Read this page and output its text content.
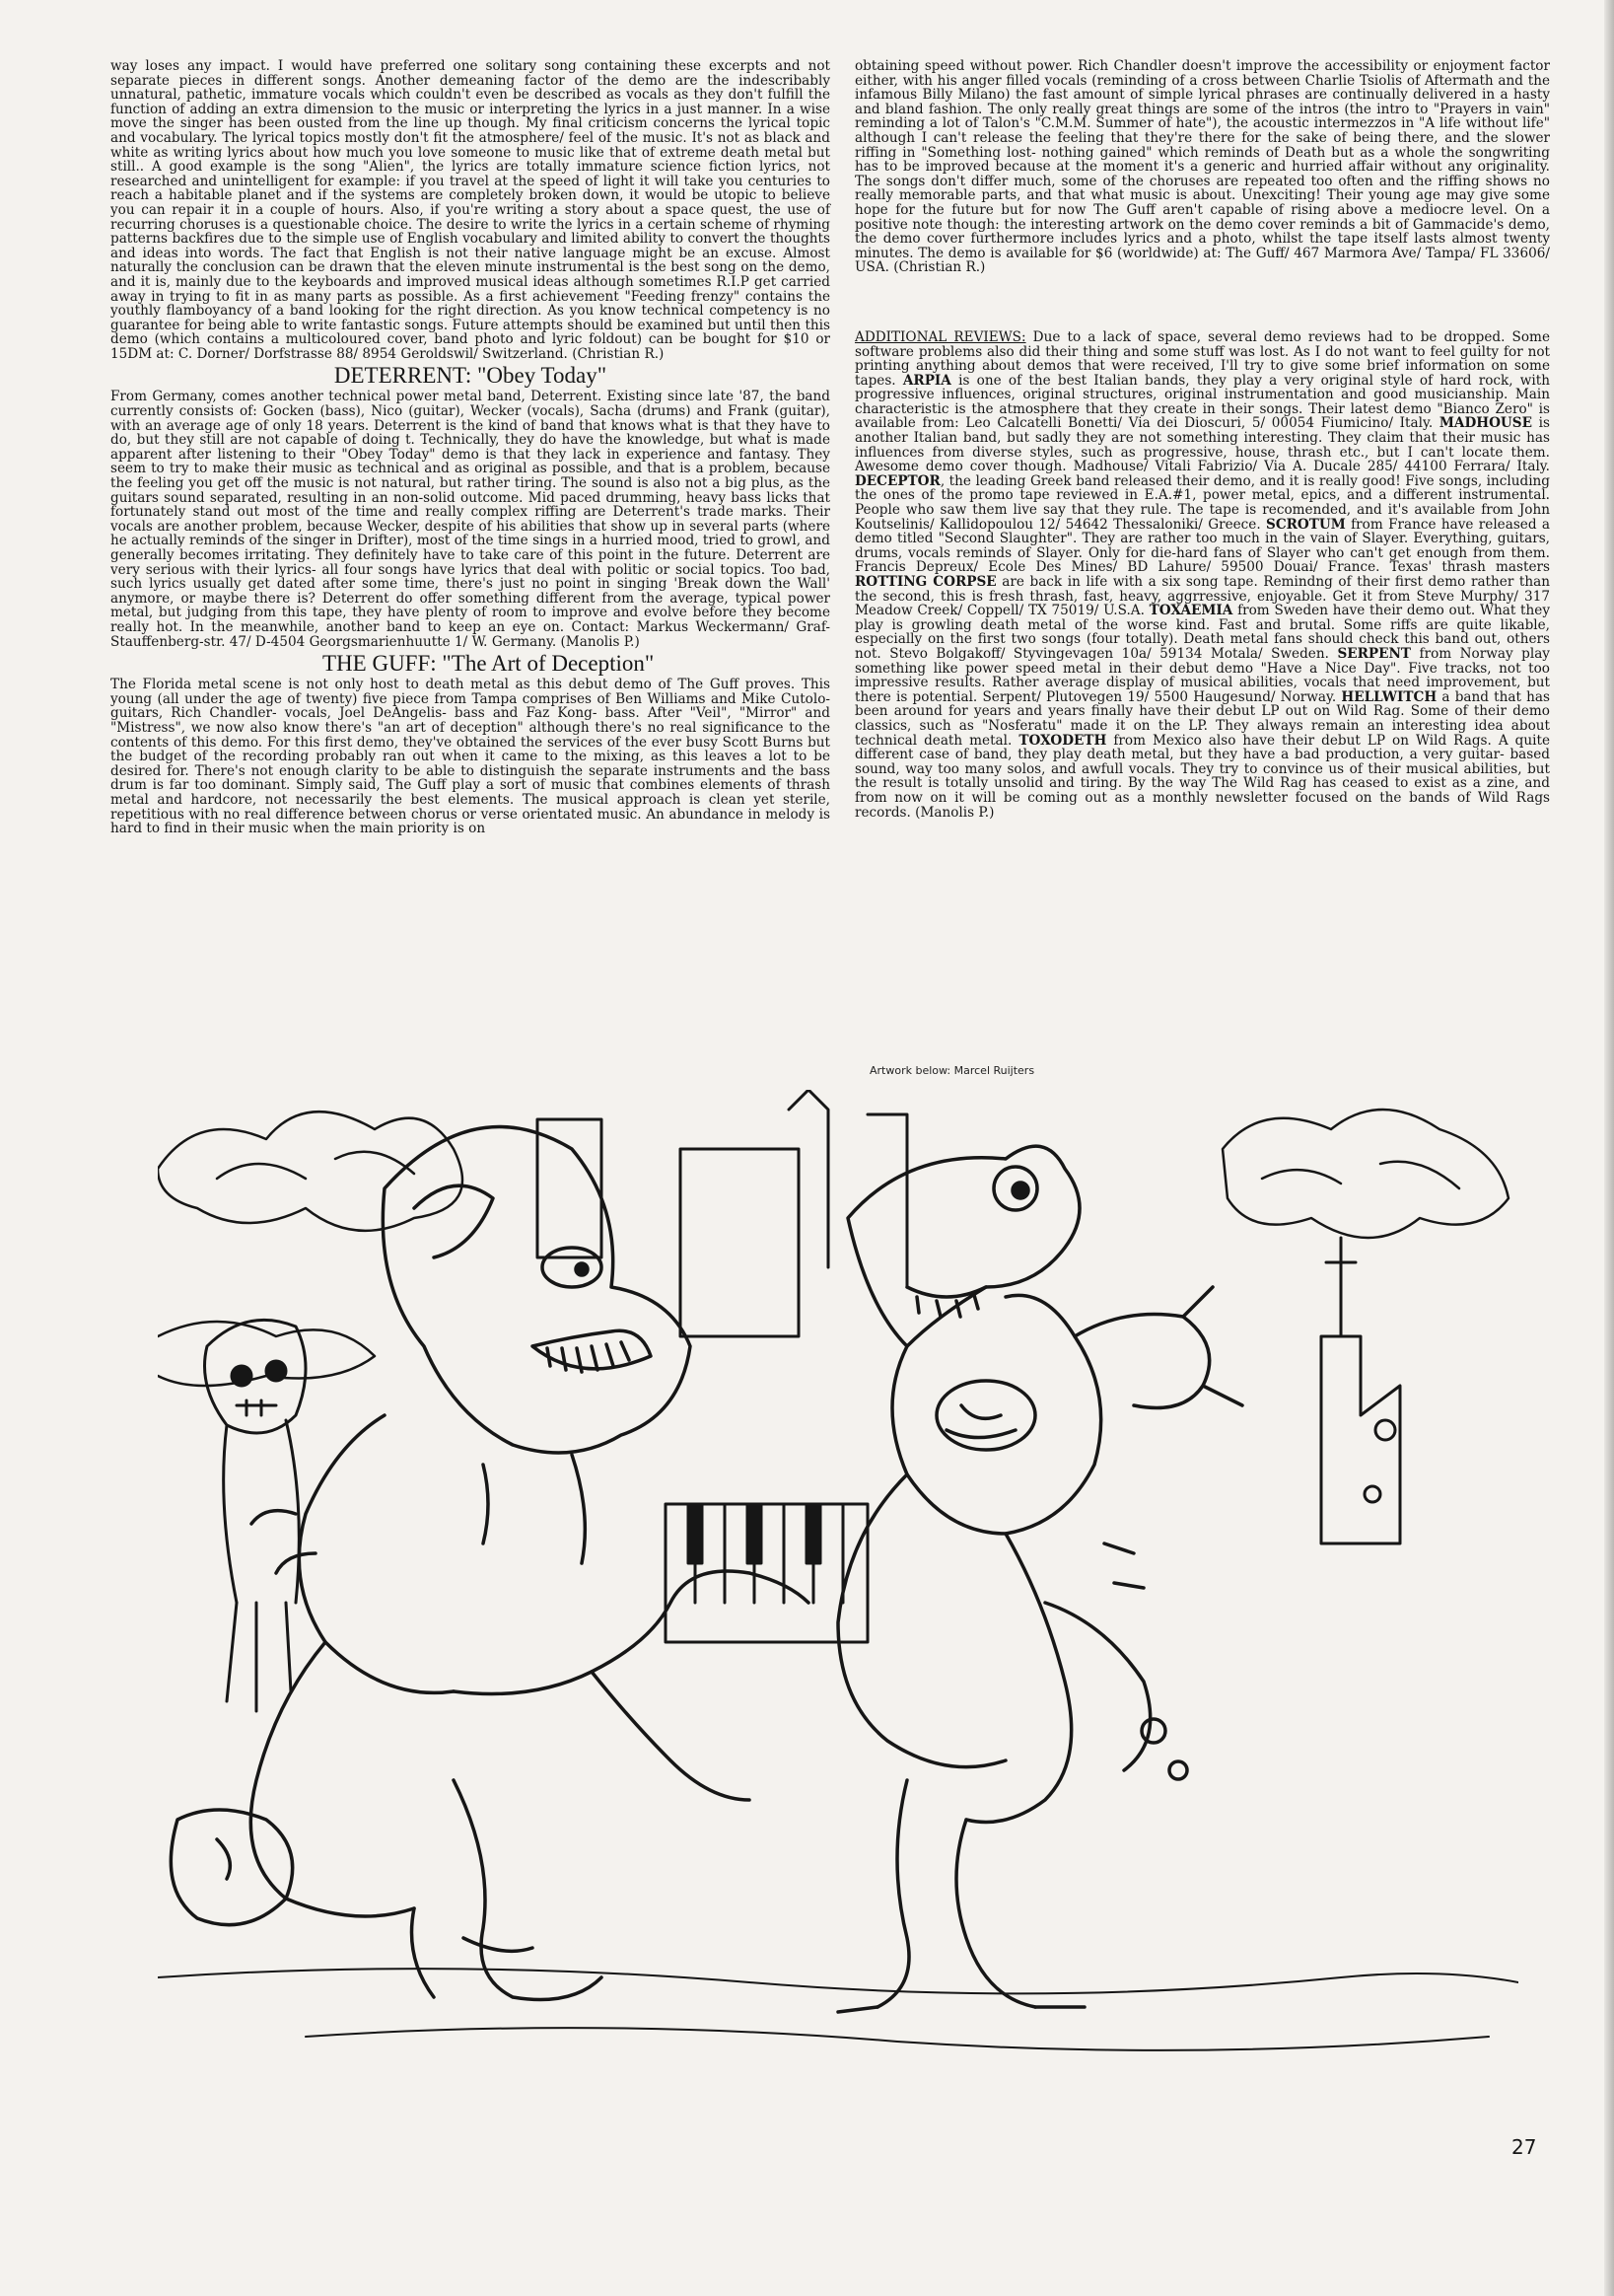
way loses any impact. I would have preferred one solitary song containing these excerpts and not separate pieces in different songs. Another demeaning factor of the demo are the indescribably unnatural, pathetic, immature vocals which couldn't even be described as vocals as they don't fulfill the function of adding an extra dimension to the music or interpreting the lyrics in a just manner. In a wise move the singer has been ousted from the line up though. My final criticism concerns the lyrical topic and vocabulary. The lyrical topics mostly don't fit the atmosphere/ feel of the music. It's not as black and white as writing lyrics about how much you love someone to music like that of extreme death metal but still.. A good example is the song "Alien", the lyrics are totally immature science fiction lyrics, not researched and unintelligent for example: if you travel at the speed of light it will take you centuries to reach a habitable planet and if the systems are completely broken down, it would be utopic to believe you can repair it in a couple of hours. Also, if you're writing a story about a space quest, the use of recurring choruses is a questionable choice. The desire to write the lyrics in a certain scheme of rhyming patterns backfires due to the simple use of English vocabulary and limited ability to convert the thoughts and ideas into words. The fact that English is not their native language might be an excuse. Almost naturally the conclusion can be drawn that the eleven minute instrumental is the best song on the demo, and it is, mainly due to the keyboards and improved musical ideas although sometimes R.I.P get carried away in trying to fit in as many parts as possible. As a first achievement "Feeding frenzy" contains the youthly flamboyancy of a band looking for the right direction. As you know technical competency is no guarantee for being able to write fantastic songs. Future attempts should be examined but until then this demo (which contains a multicoloured cover, band photo and lyric foldout) can be bought for $10 or 15DM at: C. Dorner/ Dorfstrasse 88/ 8954 Geroldswil/ Switzerland. (Christian R.)

DETERRENT: "Obey Today"

From Germany, comes another technical power metal band, Deterrent. Existing since late '87, the band currently consists of: Gocken (bass), Nico (guitar), Wecker (vocals), Sacha (drums) and Frank (guitar), with an average age of only 18 years. Deterrent is the kind of band that knows what is that they have to do, but they still are not capable of doing t. Technically, they do have the knowledge, but what is made apparent after listening to their "Obey Today" demo is that they lack in experience and fantasy. They seem to try to make their music as technical and as original as possible, and that is a problem, because the feeling you get off the music is not natural, but rather tiring. The sound is also not a big plus, as the guitars sound separated, resulting in an non-solid outcome. Mid paced drumming, heavy bass licks that fortunately stand out most of the time and really complex riffing are Deterrent's trade marks. Their vocals are another problem, because Wecker, despite of his abilities that show up in several parts (where he actually reminds of the singer in Drifter), most of the time sings in a hurried mood, tried to growl, and generally becomes irritating. They definitely have to take care of this point in the future. Deterrent are very serious with their lyrics- all four songs have lyrics that deal with politic or social topics. Too bad, such lyrics usually get dated after some time, there's just no point in singing 'Break down the Wall' anymore, or maybe there is? Deterrent do offer something different from the average, typical power metal, but judging from this tape, they have plenty of room to improve and evolve before they become really hot. In the meanwhile, another band to keep an eye on. Contact: Markus Weckermann/ Graf-Stauffenberg-str. 47/ D-4504 Georgsmarienhuutte 1/ W. Germany. (Manolis P.)

THE GUFF: "The Art of Deception"

The Florida metal scene is not only host to death metal as this debut demo of The Guff proves. This young (all under the age of twenty) five piece from Tampa comprises of Ben Williams and Mike Cutolo- guitars, Rich Chandler- vocals, Joel DeAngelis- bass and Faz Kong- bass. After "Veil", "Mirror" and "Mistress", we now also know there's "an art of deception" although there's no real significance to the contents of this demo. For this first demo, they've obtained the services of the ever busy Scott Burns but the budget of the recording probably ran out when it came to the mixing, as this leaves a lot to be desired for. There's not enough clarity to be able to distinguish the separate instruments and the bass drum is far too dominant. Simply said, The Guff play a sort of music that combines elements of thrash metal and hardcore, not necessarily the best elements. The musical approach is clean yet sterile, repetitious with no real difference between chorus or verse orientated music. An abundance in melody is hard to find in their music when the main priority is on

obtaining speed without power. Rich Chandler doesn't improve the accessibility or enjoyment factor either, with his anger filled vocals (reminding of a cross between Charlie Tsiolis of Aftermath and the infamous Billy Milano) the fast amount of simple lyrical phrases are continually delivered in a hasty and bland fashion. The only really great things are some of the intros (the intro to "Prayers in vain" reminding a lot of Talon's "C.M.M. Summer of hate"), the acoustic intermezzos in "A life without life" although I can't release the feeling that they're there for the sake of being there, and the slower riffing in "Something lost- nothing gained" which reminds of Death but as a whole the songwriting has to be improved because at the moment it's a generic and hurried affair without any originality. The songs don't differ much, some of the choruses are repeated too often and the riffing shows no really memorable parts, and that what music is about. Unexciting! Their young age may give some hope for the future but for now The Guff aren't capable of rising above a mediocre level. On a positive note though: the interesting artwork on the demo cover reminds a bit of Gammacide's demo, the demo cover furthermore includes lyrics and a photo, whilst the tape itself lasts almost twenty minutes. The demo is available for $6 (worldwide) at: The Guff/ 467 Marmora Ave/ Tampa/ FL 33606/ USA. (Christian R.)

ADDITIONAL REVIEWS: Due to a lack of space, several demo reviews had to be dropped. Some software problems also did their thing and some stuff was lost. As I do not want to feel guilty for not printing anything about demos that were received, I'll try to give some brief information on some tapes. ARPIA is one of the best Italian bands, they play a very original style of hard rock, with progressive influences, original structures, original instrumentation and good musicianship. Main characteristic is the atmosphere that they create in their songs. Their latest demo "Bianco Zero" is available from: Leo Calcatelli Bonetti/ Via dei Dioscuri, 5/ 00054 Fiumicino/ Italy. MADHOUSE is another Italian band, but sadly they are not something interesting. They claim that their music has influences from diverse styles, such as progressive, house, thrash etc., but I can't locate them. Awesome demo cover though. Madhouse/ Vitali Fabrizio/ Via A. Ducale 285/ 44100 Ferrara/ Italy. DECEPTOR, the leading Greek band released their demo, and it is really good! Five songs, including the ones of the promo tape reviewed in E.A.#1, power metal, epics, and a different instrumental. People who saw them live say that they rule. The tape is recomended, and it's available from John Koutselinis/ Kallidopoulou 12/ 54642 Thessaloniki/ Greece. SCROTUM from France have released a demo titled "Second Slaughter". They are rather too much in the vain of Slayer. Everything, guitars, drums, vocals reminds of Slayer. Only for die-hard fans of Slayer who can't get enough from them. Francis Depreux/ Ecole Des Mines/ BD Lahure/ 59500 Douai/ France. Texas' thrash masters ROTTING CORPSE are back in life with a six song tape. Remindng of their first demo rather than the second, this is fresh thrash, fast, heavy, aggrressive, enjoyable. Get it from Steve Murphy/ 317 Meadow Creek/ Coppell/ TX 75019/ U.S.A. TOXAEMIA from Sweden have their demo out. What they play is growling death metal of the worse kind. Fast and brutal. Some riffs are quite likable, especially on the first two songs (four totally). Death metal fans should check this band out, others not. Stevo Bolgakoff/ Styvingevagen 10a/ 59134 Motala/ Sweden. SERPENT from Norway play something like power speed metal in their debut demo "Have a Nice Day". Five tracks, not too impressive results. Rather average display of musical abilities, vocals that need improvement, but there is potential. Serpent/ Plutovegen 19/ 5500 Haugesund/ Norway. HELLWITCH a band that has been around for years and years finally have their debut LP out on Wild Rag. Some of their demo classics, such as "Nosferatu" made it on the LP. They always remain an interesting idea about technical death metal. TOXODETH from Mexico also have their debut LP on Wild Rags. A quite different case of band, they play death metal, but they have a bad production, a very guitar- based sound, way too many solos, and awfull vocals. They try to convince us of their musical abilities, but the result is totally unsolid and tiring. By the way The Wild Rag has ceased to exist as a zine, and from now on it will be coming out as a monthly newsletter focused on the bands of Wild Rags records. (Manolis P.)

Artwork below: Marcel Ruijters
27
